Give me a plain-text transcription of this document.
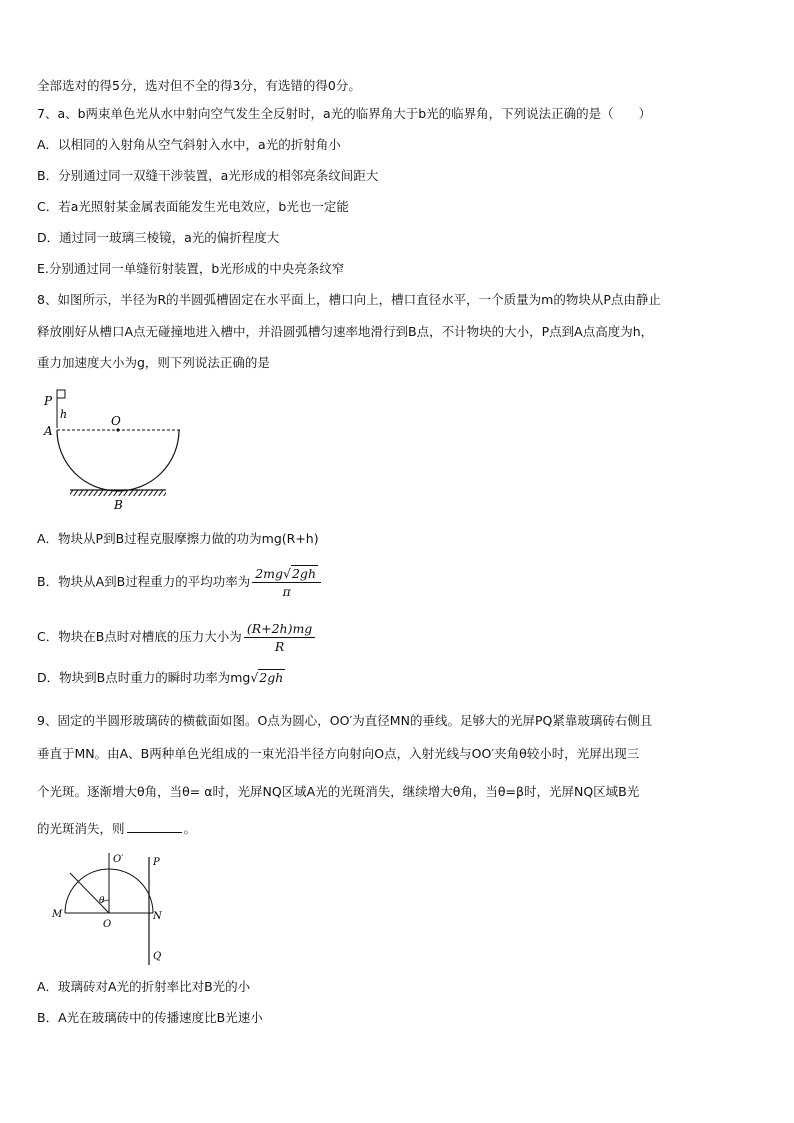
全部选对的得5分，选对但不全的得3分，有选错的得0分。
7、a、b两束单色光从水中射向空气发生全反射时，a光的临界角大于b光的临界角，下列说法正确的是（　　）
A．以相同的入射角从空气斜射入水中，a光的折射角小
B．分别通过同一双缝干涉装置，a光形成的相邻亮条纹间距大
C．若a光照射某金属表面能发生光电效应，b光也一定能
D．通过同一玻璃三棱镜，a光的偏折程度大
E.分别通过同一单缝衍射装置，b光形成的中央亮条纹窄
8、如图所示，半径为R的半圆弧槽固定在水平面上，槽口向上，槽口直径水平，一个质量为m的物块从P点由静止
释放刚好从槽口A点无碰撞地进入槽中，并沿圆弧槽匀速率地滑行到B点，不计物块的大小，P点到A点高度为h，
重力加速度大小为g，则下列说法正确的是
P
h
A
O
B
A．物块从P到B过程克服摩擦力做的功为mg(R+h)
B．物块从A到B过程重力的平均功率为 $\frac{2mg√2gh}{\pi}$
C．物块在B点时对槽底的压力大小为 $\frac{(R+2h)mg}{R}$
D．物块到B点时重力的瞬时功率为mg√2gh
9、固定的半圆形玻璃砖的横截面如图。O点为圆心，OO′为直径MN的垂线。足够大的光屏PQ紧靠玻璃砖右侧且
垂直于MN。由A、B两种单色光组成的一束光沿半径方向射向O点，入射光线与OO′夹角θ较小时，光屏出现三
个光斑。逐渐增大θ角，当θ= α时，光屏NQ区域A光的光斑消失，继续增大θ角，当θ=β时，光屏NQ区域B光
的光斑消失，则	。
O′	P
θ
M
O
N
Q
A．玻璃砖对A光的折射率比对B光的小
B．A光在玻璃砖中的传播速度比B光速小
